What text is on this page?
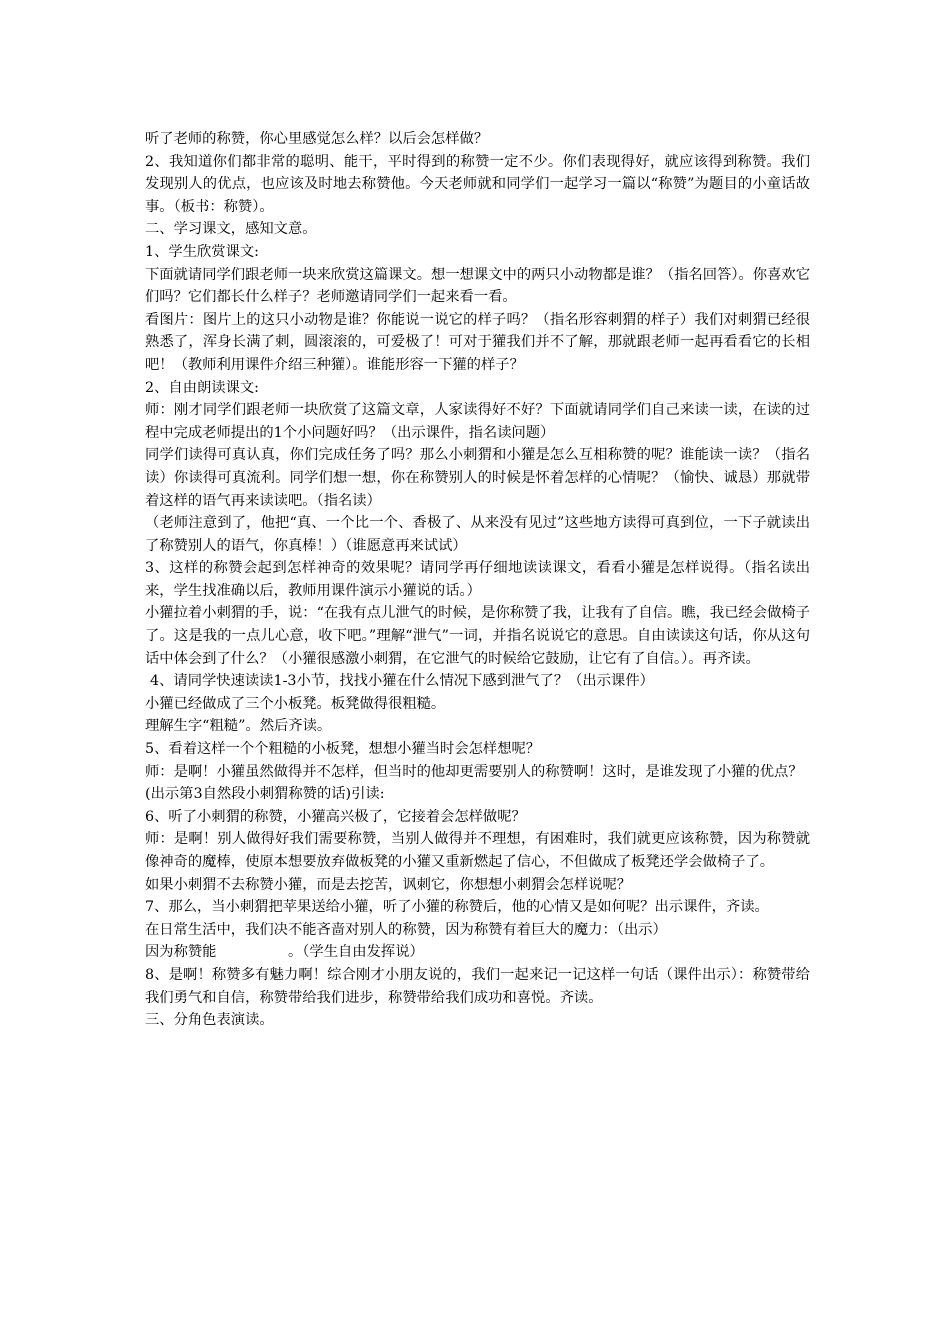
听了老师的称赞，你心里感觉怎么样？以后会怎样做？

2、我知道你们都非常的聪明、能干，平时得到的称赞一定不少。你们表现得好，就应该得到称赞。我们发现别人的优点，也应该及时地去称赞他。今天老师就和同学们一起学习一篇以“称赞”为题目的小童话故事。（板书：称赞）。

二、学习课文，感知文意。

1、学生欣赏课文:

下面就请同学们跟老师一块来欣赏这篇课文。想一想课文中的两只小动物都是谁？（指名回答）。你喜欢它们吗？它们都长什么样子？老师邀请同学们一起来看一看。

看图片：图片上的这只小动物是谁？你能说一说它的样子吗？（指名形容刺猬的样子）我们对刺猬已经很熟悉了，浑身长满了刺，圆滚滚的，可爱极了！可对于獾我们并不了解，那就跟老师一起再看看它的长相吧！（教师利用课件介绍三种獾）。谁能形容一下獾的样子？

2、自由朗读课文:

师：刚才同学们跟老师一块欣赏了这篇文章，人家读得好不好？下面就请同学们自己来读一读，在读的过程中完成老师提出的1个小问题好吗？（出示课件，指名读问题）

同学们读得可真认真，你们完成任务了吗？那么小刺猬和小獾是怎么互相称赞的呢？谁能读一读？（指名读）你读得可真流利。同学们想一想，你在称赞别人的时候是怀着怎样的心情呢？（愉快、诚恳）那就带着这样的语气再来读读吧。（指名读）

（老师注意到了，他把“真、一个比一个、香极了、从来没有见过”这些地方读得可真到位，一下子就读出了称赞别人的语气，你真棒！）（谁愿意再来试试）

3、这样的称赞会起到怎样神奇的效果呢？请同学再仔细地读读课文，看看小獾是怎样说得。（指名读出来，学生找准确以后，教师用课件演示小獾说的话。）

小獾拉着小刺猬的手，说：“在我有点儿泄气的时候，是你称赞了我，让我有了自信。瞧，我已经会做椅子了。这是我的一点儿心意，收下吧。”理解“泄气”一词，并指名说说它的意思。自由读读这句话，你从这句话中体会到了什么？（小獾很感激小刺猬，在它泄气的时候给它鼓励，让它有了自信。）。再齐读。

4、请同学快速读读1-3小节，找找小獾在什么情况下感到泄气了？（出示课件）

小獾已经做成了三个小板凳。板凳做得很粗糙。

理解生字“粗糙”。然后齐读。

5、看着这样一个个粗糙的小板凳，想想小獾当时会怎样想呢？

师：是啊！小獾虽然做得并不怎样，但当时的他却更需要别人的称赞啊！这时，是谁发现了小獾的优点？

(出示第3自然段小刺猬称赞的话)引读:

6、听了小刺猬的称赞，小獾高兴极了，它接着会怎样做呢？

师：是啊！别人做得好我们需要称赞，当别人做得并不理想，有困难时，我们就更应该称赞，因为称赞就像神奇的魔棒，使原本想要放弃做板凳的小獾又重新燃起了信心，不但做成了板凳还学会做椅子了。

如果小刺猬不去称赞小獾，而是去挖苦，讽刺它，你想想小刺猬会怎样说呢？

7、那么，当小刺猬把苹果送给小獾，听了小獾的称赞后，他的心情又是如何呢？出示课件，齐读。

在日常生活中，我们决不能吝啬对别人的称赞，因为称赞有着巨大的魔力：（出示）

因为称赞能　　　　　。（学生自由发挥说）

8、是啊！称赞多有魅力啊！综合刚才小朋友说的，我们一起来记一记这样一句话（课件出示）：称赞带给我们勇气和自信，称赞带给我们进步，称赞带给我们成功和喜悦。齐读。

三、分角色表演读。
